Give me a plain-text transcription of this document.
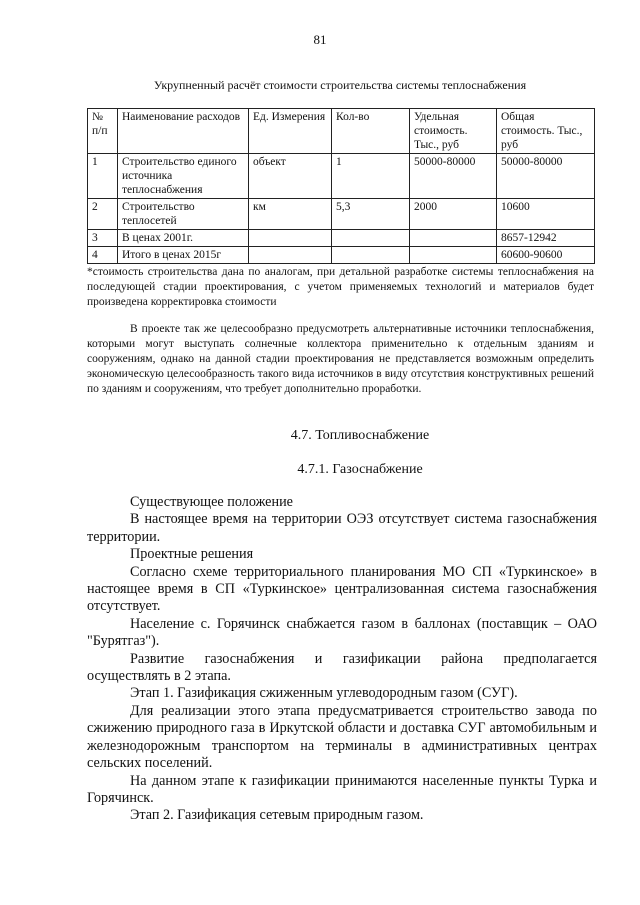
81
Укрупненный расчёт стоимости строительства системы теплоснабжения
№ п/п	Наименование расходов	Ед. Измерения	Кол-во	Удельная стоимость. Тыс., руб	Общая стоимость. Тыс., руб
1	Строительство единого источника теплоснабжения	объект	1	50000-80000	50000-80000
2	Строительство теплосетей	км	5,3	2000	10600
3	В ценах 2001г.				8657-12942
4	Итого в ценах 2015г				60600-90600
*стоимость строительства дана по аналогам, при детальной разработке системы теплоснабжения на последующей стадии проектирования, с учетом применяемых технологий и материалов будет произведена корректировка стоимости
В проекте так же целесообразно предусмотреть альтернативные источники теплоснабжения, которыми могут выступать солнечные коллектора применительно к отдельным зданиям и сооружениям, однако на данной стадии проектирования не представляется возможным определить экономическую целесообразность такого вида источников в виду отсутствия конструктивных решений по зданиям и сооружениям, что требует дополнительно проработки.
4.7. Топливоснабжение
4.7.1. Газоснабжение

Существующее положение

В настоящее время на территории ОЭЗ отсутствует система газоснабжения территории.

Проектные решения

Согласно схеме территориального планирования МО СП «Туркинское» в настоящее время в СП «Туркинское» централизованная система газоснабжения отсутствует.

Население с. Горячинск снабжается газом в баллонах (поставщик – ОАО "Бурятгаз").

Развитие газоснабжения и газификации района предполагается осуществлять в 2 этапа.

Этап 1. Газификация сжиженным углеводородным газом (СУГ).

Для реализации этого этапа предусматривается строительство завода по сжижению природного газа в Иркутской области и доставка СУГ автомобильным и железнодорожным транспортом на терминалы в административных центрах сельских поселений.

На данном этапе к газификации принимаются населенные пункты Турка и Горячинск.

Этап 2. Газификация сетевым природным газом.
